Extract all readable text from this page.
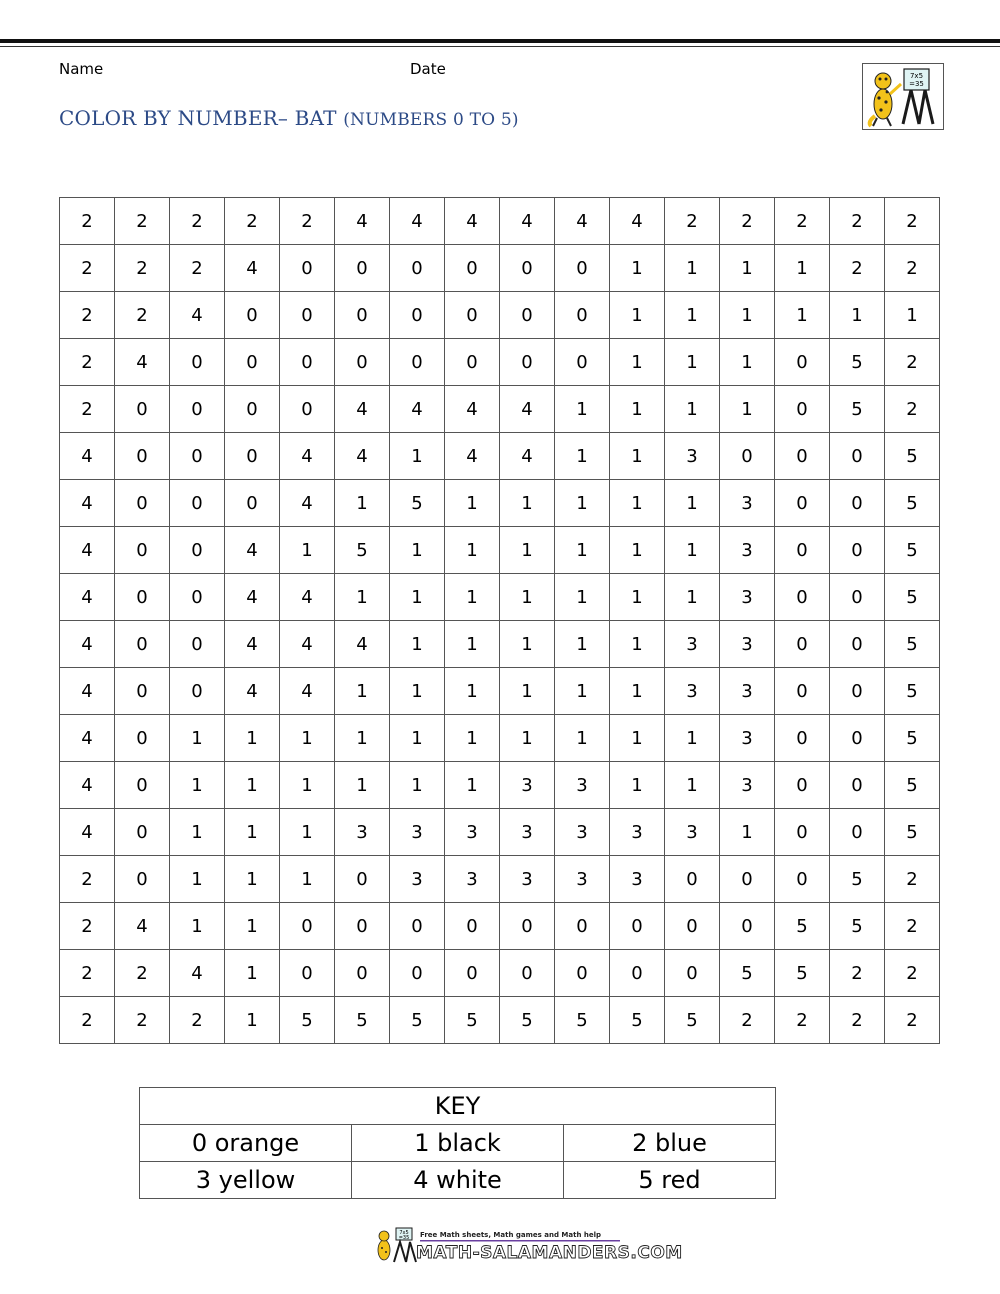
Name	Date
COLOR BY NUMBER– BAT (NUMBERS 0 TO 5)
7x5
=35
2	2	2	2	2	4	4	4	4	4	4	2	2	2	2	2
2	2	2	4	0	0	0	0	0	0	1	1	1	1	2	2
2	2	4	0	0	0	0	0	0	0	1	1	1	1	1	1
2	4	0	0	0	0	0	0	0	0	1	1	1	0	5	2
2	0	0	0	0	4	4	4	4	1	1	1	1	0	5	2
4	0	0	0	4	4	1	4	4	1	1	3	0	0	0	5
4	0	0	0	4	1	5	1	1	1	1	1	3	0	0	5
4	0	0	4	1	5	1	1	1	1	1	1	3	0	0	5
4	0	0	4	4	1	1	1	1	1	1	1	3	0	0	5
4	0	0	4	4	4	1	1	1	1	1	3	3	0	0	5
4	0	0	4	4	1	1	1	1	1	1	3	3	0	0	5
4	0	1	1	1	1	1	1	1	1	1	1	3	0	0	5
4	0	1	1	1	1	1	1	3	3	1	1	3	0	0	5
4	0	1	1	1	3	3	3	3	3	3	3	1	0	0	5
2	0	1	1	1	0	3	3	3	3	3	0	0	0	5	2
2	4	1	1	0	0	0	0	0	0	0	0	0	5	5	2
2	2	4	1	0	0	0	0	0	0	0	0	5	5	2	2
2	2	2	1	5	5	5	5	5	5	5	5	2	2	2	2
KEY		
0 orange	1 black	2 blue
3 yellow	4 white	5 red
7x5
=35 Free Math sheets, Math games and Math help
MATH-SALAMANDERS.COM
